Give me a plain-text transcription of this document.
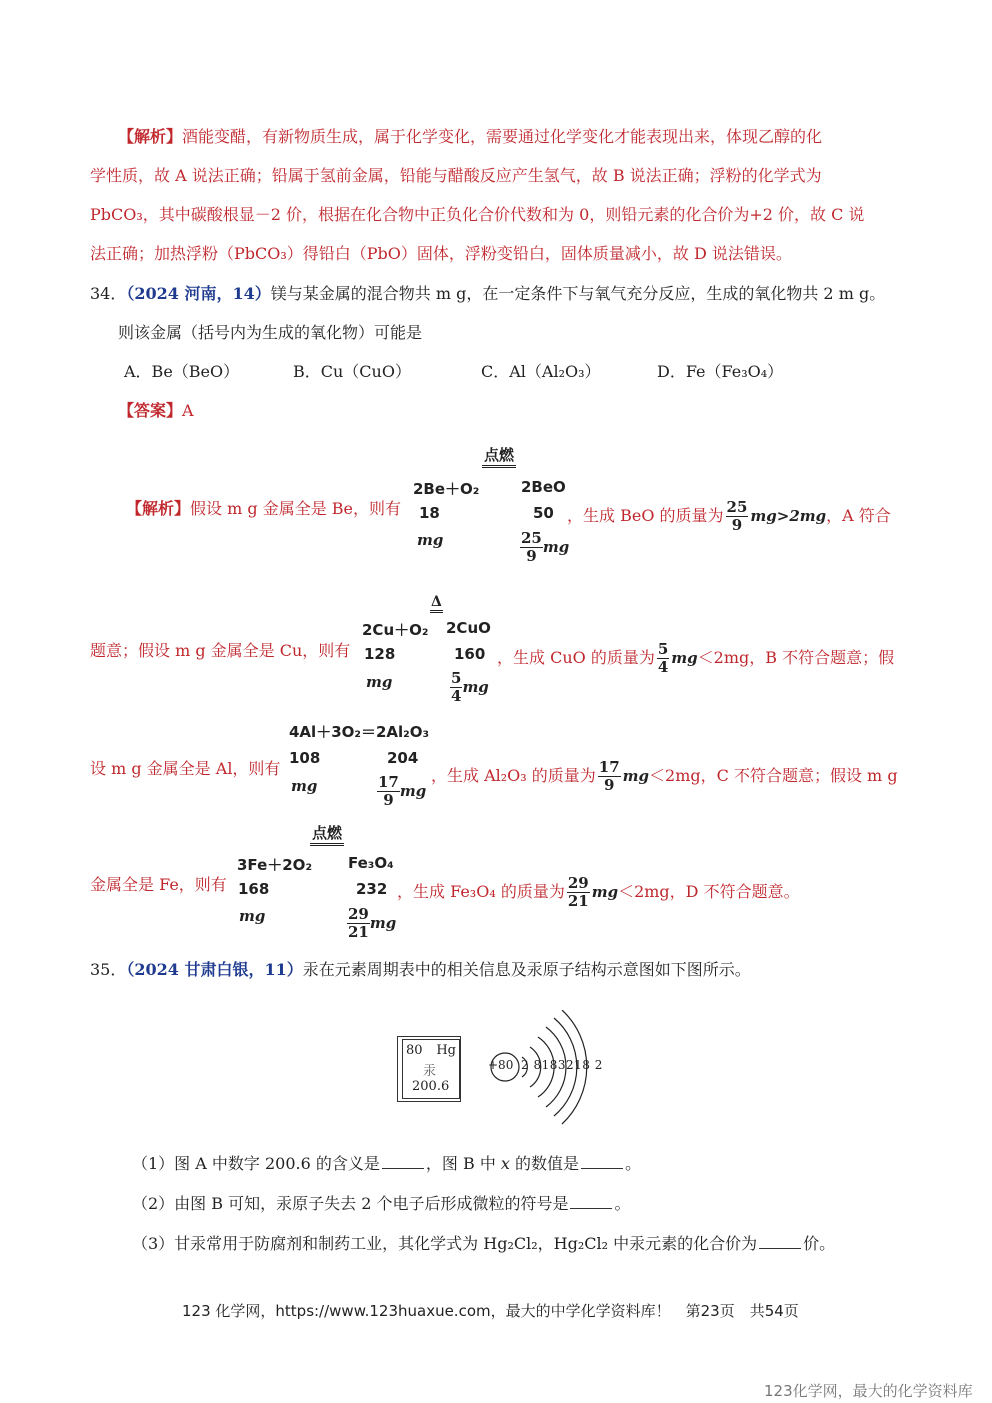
【解析】酒能变醋，有新物质生成，属于化学变化，需要通过化学变化才能表现出来，体现乙醇的化
学性质，故 A 说法正确；铅属于氢前金属，铅能与醋酸反应产生氢气，故 B 说法正确；浮粉的化学式为
PbCO₃，其中碳酸根显－2 价，根据在化合物中正负化合价代数和为 0，则铅元素的化合价为+2 价，故 C 说
法正确；加热浮粉（PbCO₃）得铅白（PbO）固体，浮粉变铅白，固体质量减小，故 D 说法错误。
34．（2024 河南，14）镁与某金属的混合物共 m g，在一定条件下与氧气充分反应，生成的氧化物共 2 m g。
则该金属（括号内为生成的氧化物）可能是
A．Be（BeO）	B．Cu（CuO）	C．Al（Al₂O₃）	D．Fe（Fe₃O₄）
【答案】A
点燃
2Be＋O₂	2BeO
【解析】假设 m g 金属全是 Be，则有 18	50
mg	$\frac{25}{9}$ mg
，生成 BeO 的质量为 $\frac{25}{9} mg>2mg$，A 符合
Δ
2Cu＋O₂ 2CuO
题意；假设 m g 金属全是 Cu，则有 128	160
mg	$\frac{5}{4}$ mg
，生成 CuO 的质量为 $\frac{5}{4} mg<2mg$，B 不符合题意；假
4Al＋3O₂＝2Al₂O₃
设 m g 金属全是 Al，则有
108	204
mg	$\frac{17}{9}$ mg
，生成 Al₂O₃ 的质量为 $\frac{17}{9} mg<2mg$，C 不符合题意；假设 m g
点燃
3Fe＋2O₂ Fe₃O₄
金属全是 Fe，则有 168	232
mg	$\frac{29}{21}$ mg
，生成 Fe₃O₄ 的质量为 $\frac{29}{21} mg<2mg$，D 不符合题意。
35．（2024 甘肃白银，11）汞在元素周期表中的相关信息及汞原子结构示意图如下图所示。
80 Hg
汞
200.6
+80 2 8183218 2
（1）图 A 中数字 200.6 的含义是	，图 B 中 x 的数值是	。
（2）由图 B 可知，汞原子失去 2 个电子后形成微粒的符号是	。
（3）甘汞常用于防腐剂和制药工业，其化学式为 Hg₂Cl₂，Hg₂Cl₂ 中汞元素的化合价为	价。
123 化学网，https://www.123huaxue.com，最大的中学化学资料库！　第23页　共54页
123化学网，最大的化学资料库
